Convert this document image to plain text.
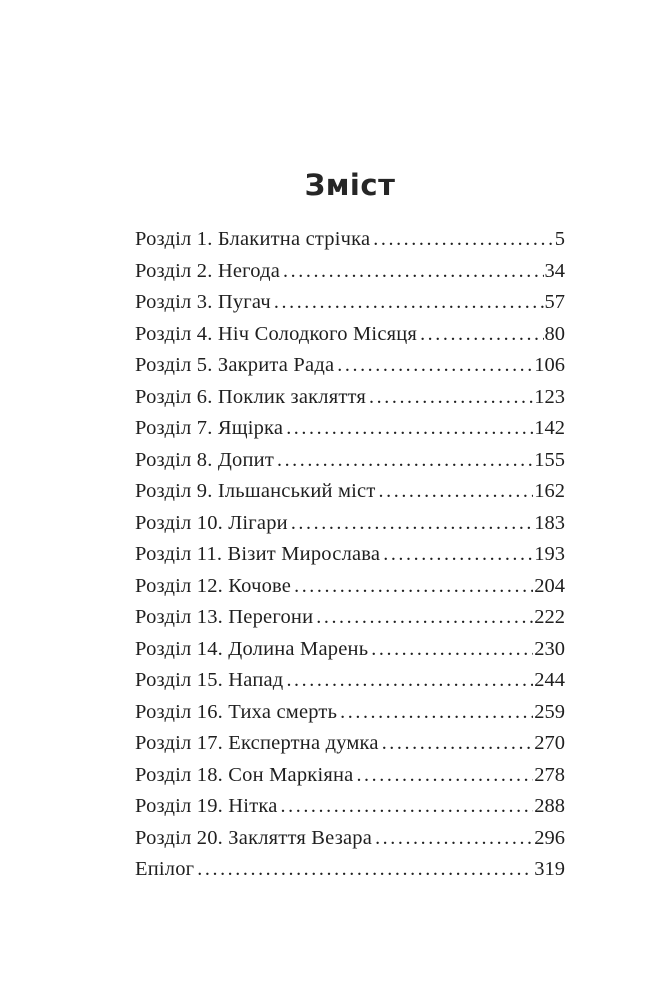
Зміст
Розділ 1. Блакитна стрічка .....	5
Розділ 2. Негода .....	34
Розділ 3. Пугач .....	57
Розділ 4. Ніч Солодкого Місяця .....	80
Розділ 5. Закрита Рада .....	106
Розділ 6. Поклик закляття .....	123
Розділ 7. Ящірка .....	142
Розділ 8. Допит .....	155
Розділ 9. Ільшанський міст .....	162
Розділ 10. Лігари .....	183
Розділ 11. Візит Мирослава .....	193
Розділ 12. Кочове .....	204
Розділ 13. Перегони .....	222
Розділ 14. Долина Марень .....	230
Розділ 15. Напад .....	244
Розділ 16. Тиха смерть .....	259
Розділ 17. Експертна думка .....	270
Розділ 18. Сон Маркіяна .....	278
Розділ 19. Нітка .....	288
Розділ 20. Закляття Везара .....	296
Епілог .....	319
